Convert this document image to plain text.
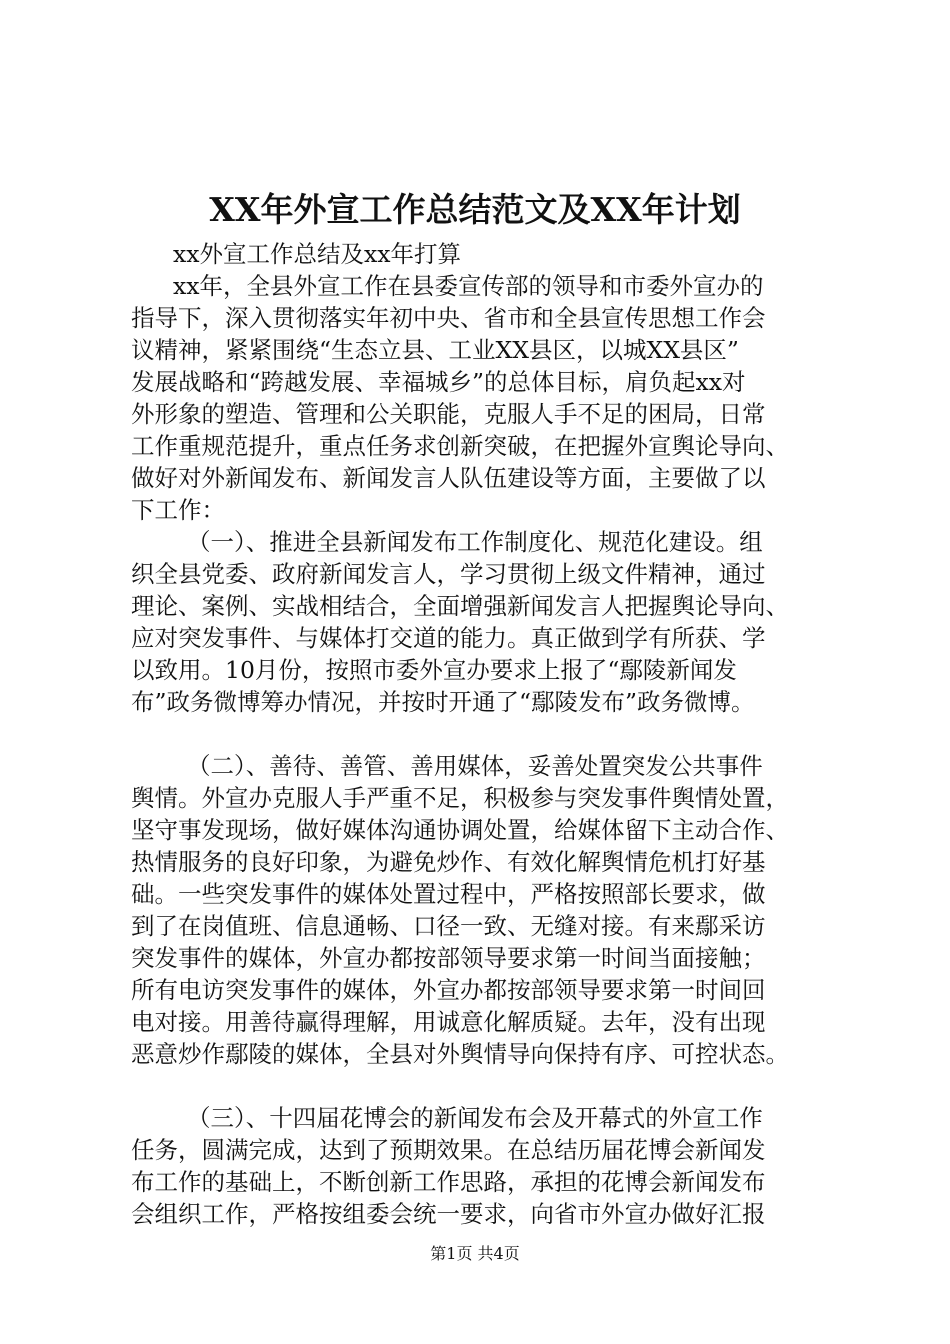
XX年外宣工作总结范文及XX年计划
xx外宣工作总结及xx年打算
xx年，全县外宣工作在县委宣传部的领导和市委外宣办的
指导下，深入贯彻落实年初中央、省市和全县宣传思想工作会
议精神，紧紧围绕“生态立县、工业XX县区，以城XX县区”
发展战略和“跨越发展、幸福城乡”的总体目标，肩负起xx对
外形象的塑造、管理和公关职能，克服人手不足的困局，日常
工作重规范提升，重点任务求创新突破，在把握外宣舆论导向、
做好对外新闻发布、新闻发言人队伍建设等方面，主要做了以
下工作：
（一）、推进全县新闻发布工作制度化、规范化建设。组
织全县党委、政府新闻发言人，学习贯彻上级文件精神，通过
理论、案例、实战相结合，全面增强新闻发言人把握舆论导向、
应对突发事件、与媒体打交道的能力。真正做到学有所获、学
以致用。10月份，按照市委外宣办要求上报了“鄢陵新闻发
布”政务微博筹办情况，并按时开通了“鄢陵发布”政务微博。
（二）、善待、善管、善用媒体，妥善处置突发公共事件
舆情。外宣办克服人手严重不足，积极参与突发事件舆情处置，
坚守事发现场，做好媒体沟通协调处置，给媒体留下主动合作、
热情服务的良好印象，为避免炒作、有效化解舆情危机打好基
础。一些突发事件的媒体处置过程中，严格按照部长要求，做
到了在岗值班、信息通畅、口径一致、无缝对接。有来鄢采访
突发事件的媒体，外宣办都按部领导要求第一时间当面接触；
所有电访突发事件的媒体，外宣办都按部领导要求第一时间回
电对接。用善待赢得理解，用诚意化解质疑。去年，没有出现
恶意炒作鄢陵的媒体，全县对外舆情导向保持有序、可控状态。
（三）、十四届花博会的新闻发布会及开幕式的外宣工作
任务，圆满完成，达到了预期效果。在总结历届花博会新闻发
布工作的基础上，不断创新工作思路，承担的花博会新闻发布
会组织工作，严格按组委会统一要求，向省市外宣办做好汇报
第1页 共4页
